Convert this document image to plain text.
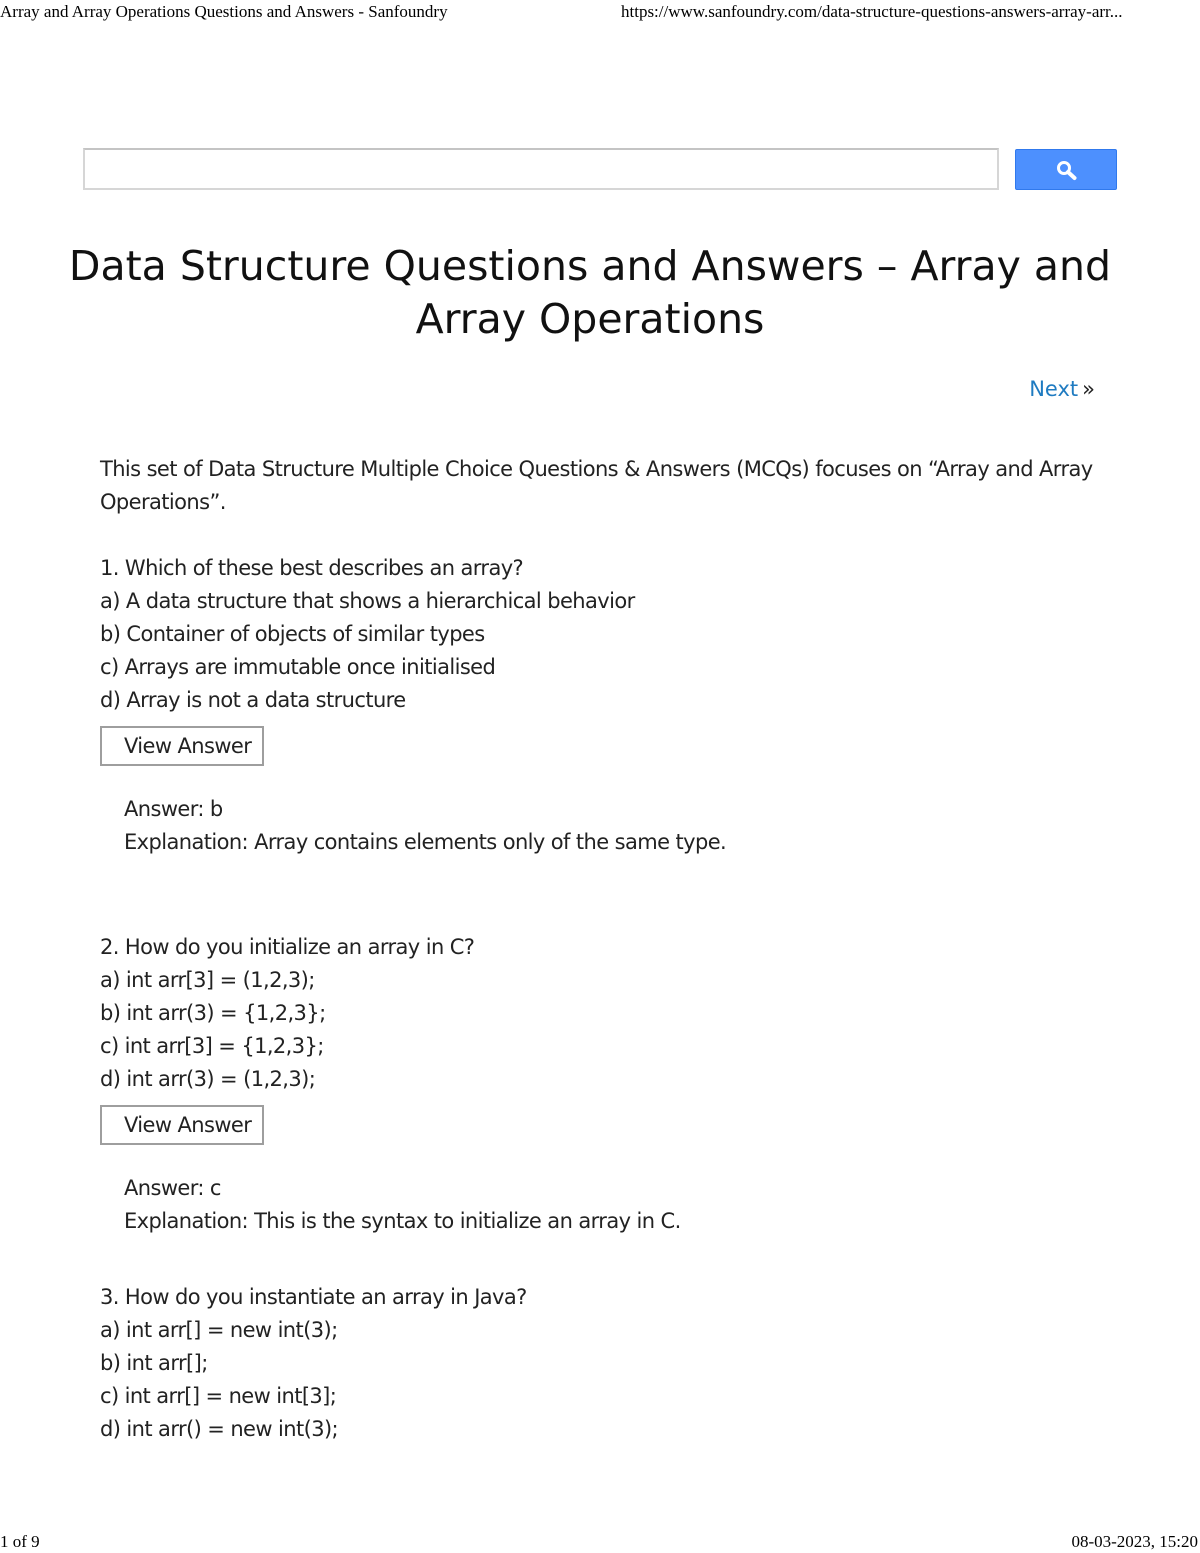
Array and Array Operations Questions and Answers - Sanfoundry	https://www.sanfoundry.com/data-structure-questions-answers-array-arr...
Data Structure Questions and Answers – Array and Array Operations
Next »

This set of Data Structure Multiple Choice Questions & Answers (MCQs) focuses on “Array and Array Operations”.

1. Which of these best describes an array?
a) A data structure that shows a hierarchical behavior
b) Container of objects of similar types
c) Arrays are immutable once initialised
d) Array is not a data structure
View Answer
Answer: b
Explanation: Array contains elements only of the same type.
2. How do you initialize an array in C?
a) int arr[3] = (1,2,3);
b) int arr(3) = {1,2,3};
c) int arr[3] = {1,2,3};
d) int arr(3) = (1,2,3);
View Answer
Answer: c
Explanation: This is the syntax to initialize an array in C.
3. How do you instantiate an array in Java?
a) int arr[] = new int(3);
b) int arr[];
c) int arr[] = new int[3];
d) int arr() = new int(3);
1 of 9	08-03-2023, 15:20
